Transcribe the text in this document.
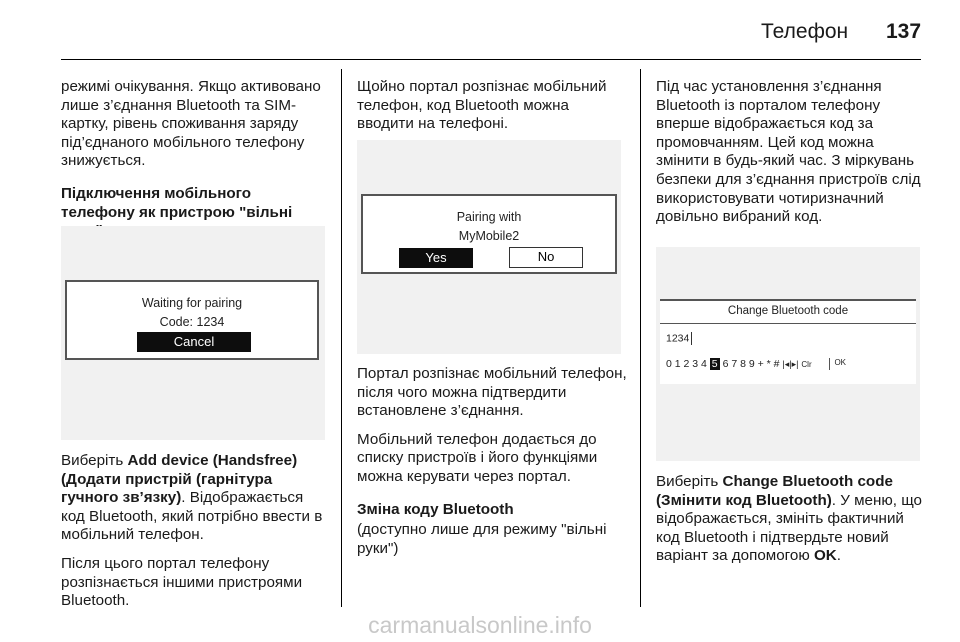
Телефон 137

режимі очікування. Якщо активовано лише з’єднання Bluetooth та SIM-картку, рівень споживання заряду під’єднаного мобільного телефону знижується.

Підключення мобільного телефону як пристрою "вільні

Waiting for pairing
Code: 1234
Cancel

Виберіть Add device (Handsfree) (Додати пристрій (гарнітура гучного зв’язку). Відображається код Bluetooth, який потрібно ввести в мобільний телефон.

Після цього портал телефону розпізнається іншими пристроями Bluetooth.

Щойно портал розпізнає мобільний телефон, код Bluetooth можна вводити на телефоні.

Pairing with
MyMobile2
Yes	No

Портал розпізнає мобільний телефон, після чого можна підтвердити встановлене з’єднання.

Мобільний телефон додається до списку пристроїв і його функціями можна керувати через портал.

Зміна коду Bluetooth

(доступно лише для режиму "вільні руки")

Під час установлення з’єднання Bluetooth із порталом телефону вперше відображається код за промовчанням. Цей код можна змінити в будь-який час. З міркувань безпеки для з’єднання пристроїв слід використовувати чотиризначний довільно вибраний код.

Change Bluetooth code
1234
0 1 2 3 4 5 6 7 8 9 + * # |◂|▸| Clr	$^{OK}$

Виберіть Change Bluetooth code (Змінити код Bluetooth). У меню, що відображається, змініть фактичний код Bluetooth і підтвердьте новий варіант за допомогою OK.

carmanualsonline.info
